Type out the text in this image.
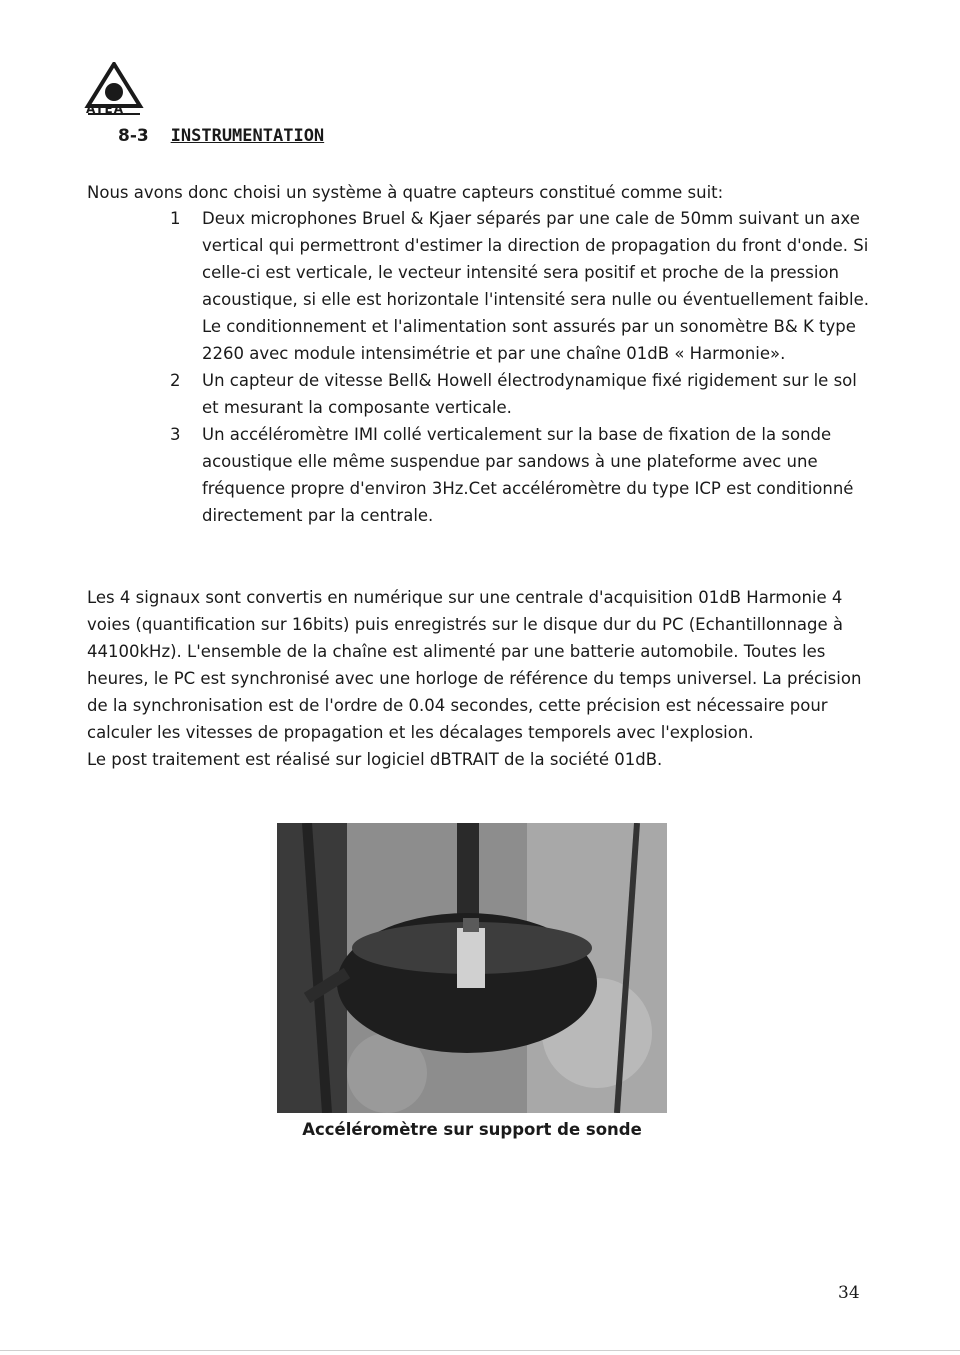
ATEA
8-3 INSTRUMENTATION
Nous avons donc choisi un système à quatre capteurs constitué comme suit:
1	Deux microphones Bruel & Kjaer séparés par une cale de 50mm suivant un axe vertical qui permettront d'estimer la direction de propagation du front d'onde. Si celle-ci est verticale, le vecteur intensité sera positif et proche de la pression acoustique, si elle est horizontale l'intensité sera nulle ou éventuellement faible. Le conditionnement et l'alimentation sont assurés par un sonomètre B& K type 2260 avec module intensimétrie et par une chaîne 01dB « Harmonie».
2	Un capteur de vitesse Bell& Howell électrodynamique fixé rigidement sur le sol et mesurant la composante verticale.
3	Un accéléromètre IMI collé verticalement sur la base de fixation de la sonde acoustique elle même suspendue par sandows à une plateforme avec une fréquence propre d'environ 3Hz.Cet accéléromètre du type ICP est conditionné directement par la centrale.

Les 4 signaux sont convertis en numérique sur une centrale d'acquisition 01dB Harmonie 4 voies (quantification sur 16bits) puis enregistrés sur le disque dur du PC (Echantillonnage à 44100kHz). L'ensemble de la chaîne est alimenté par une batterie automobile. Toutes les heures, le PC est synchronisé avec une horloge de référence du temps universel. La précision de la synchronisation est de l'ordre de 0.04 secondes, cette précision est nécessaire pour calculer les vitesses de propagation et les décalages temporels avec l'explosion.

Le post traitement est réalisé sur logiciel dBTRAIT de la société 01dB.

Accéléromètre sur support de sonde
34
